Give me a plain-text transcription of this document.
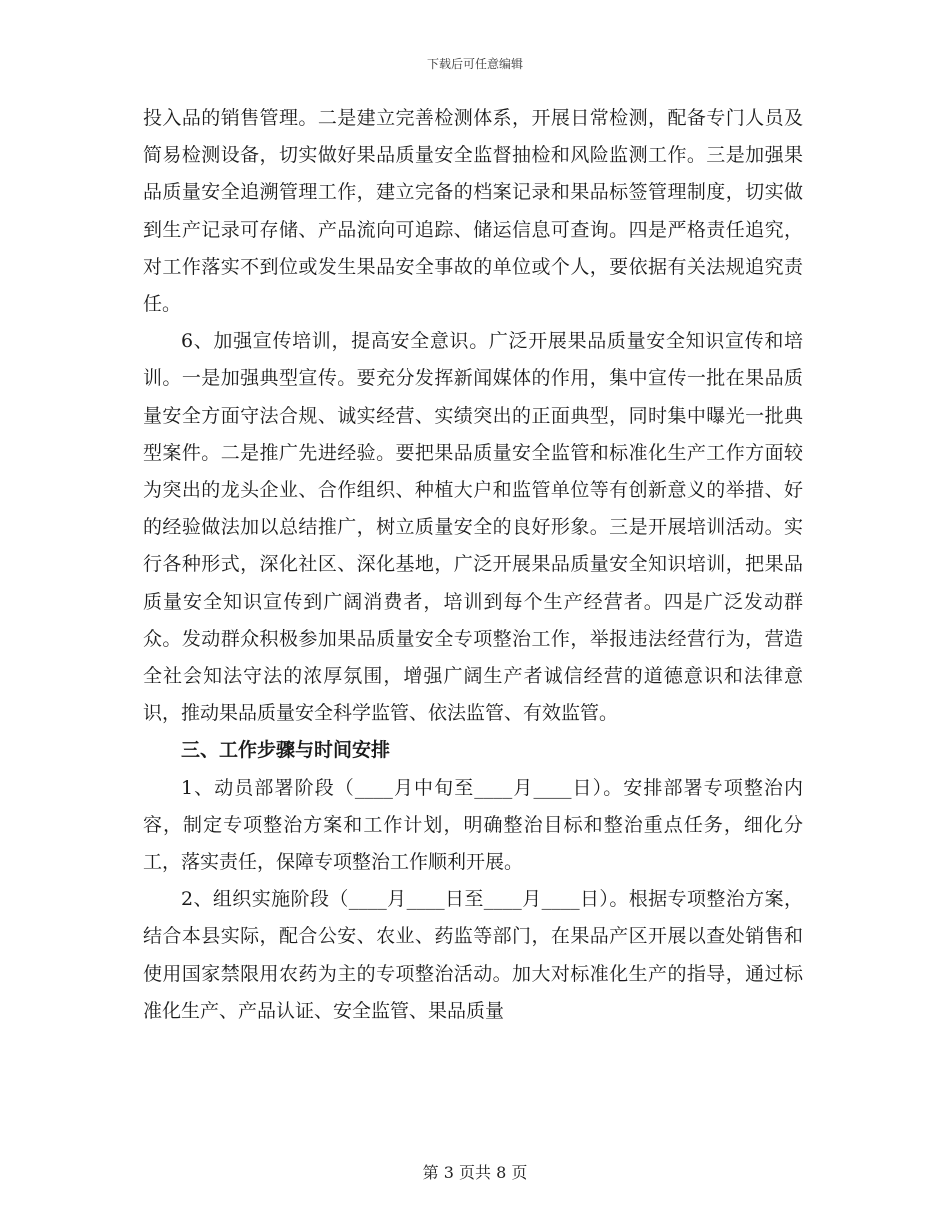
下载后可任意编辑

投入品的销售管理。二是建立完善检测体系，开展日常检测，配备专门人员及简易检测设备，切实做好果品质量安全监督抽检和风险监测工作。三是加强果品质量安全追溯管理工作，建立完备的档案记录和果品标签管理制度，切实做到生产记录可存储、产品流向可追踪、储运信息可查询。四是严格责任追究，对工作落实不到位或发生果品安全事故的单位或个人，要依据有关法规追究责任。

6、加强宣传培训，提高安全意识。广泛开展果品质量安全知识宣传和培训。一是加强典型宣传。要充分发挥新闻媒体的作用，集中宣传一批在果品质量安全方面守法合规、诚实经营、实绩突出的正面典型，同时集中曝光一批典型案件。二是推广先进经验。要把果品质量安全监管和标准化生产工作方面较为突出的龙头企业、合作组织、种植大户和监管单位等有创新意义的举措、好的经验做法加以总结推广，树立质量安全的良好形象。三是开展培训活动。实行各种形式，深化社区、深化基地，广泛开展果品质量安全知识培训，把果品质量安全知识宣传到广阔消费者，培训到每个生产经营者。四是广泛发动群众。发动群众积极参加果品质量安全专项整治工作，举报违法经营行为，营造全社会知法守法的浓厚氛围，增强广阔生产者诚信经营的道德意识和法律意识，推动果品质量安全科学监管、依法监管、有效监管。

三、工作步骤与时间安排

1、动员部署阶段（____月中旬至____月____日）。安排部署专项整治内容，制定专项整治方案和工作计划，明确整治目标和整治重点任务，细化分工，落实责任，保障专项整治工作顺利开展。

2、组织实施阶段（____月____日至____月____日）。根据专项整治方案，结合本县实际，配合公安、农业、药监等部门，在果品产区开展以查处销售和使用国家禁限用农药为主的专项整治活动。加大对标准化生产的指导，通过标准化生产、产品认证、安全监管、果品质量

第 3 页共 8 页
